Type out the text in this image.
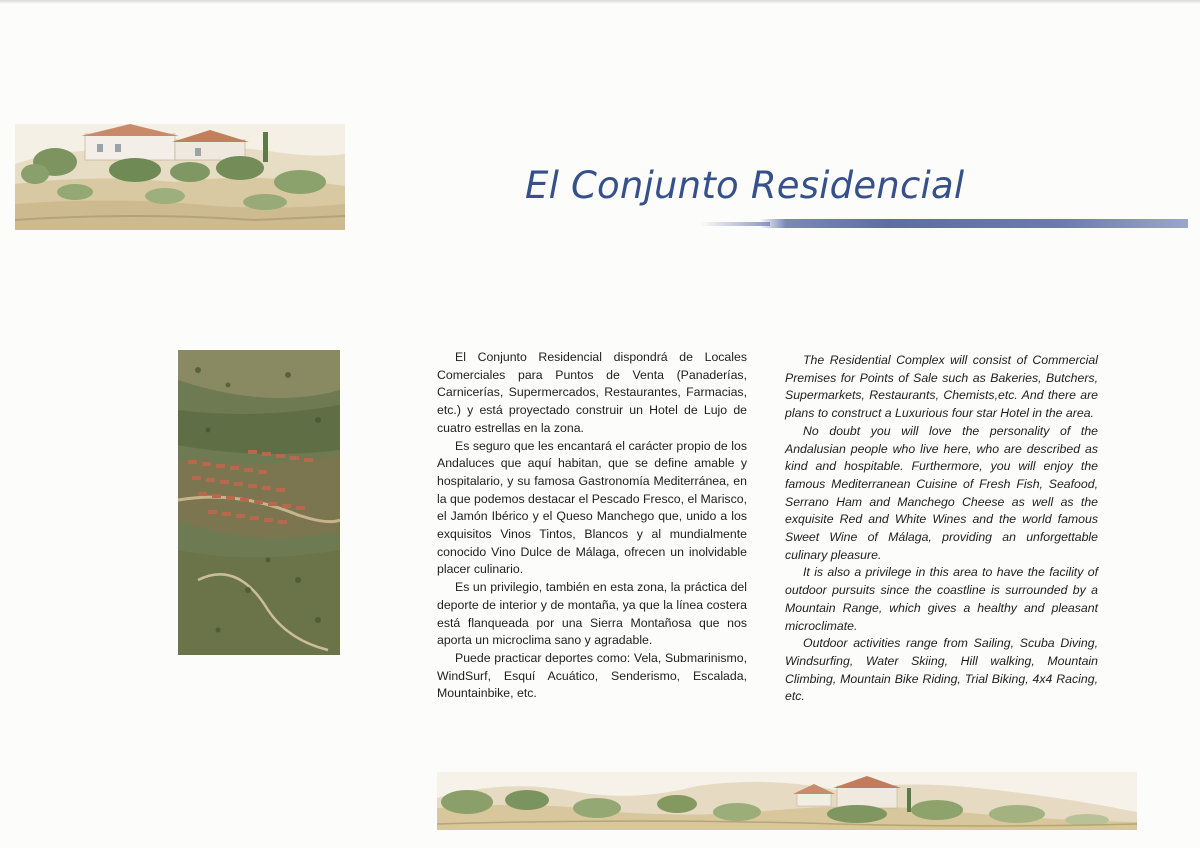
El Conjunto Residencial

El Conjunto Residencial dispondrá de Locales Comerciales para Puntos de Venta (Panaderías, Carnicerías, Supermercados, Restaurantes, Farmacias, etc.) y está proyectado construir un Hotel de Lujo de cuatro estrellas en la zona.

Es seguro que les encantará el carácter propio de los Andaluces que aquí habitan, que se define amable y hospitalario, y su famosa Gastronomía Mediterránea, en la que podemos destacar el Pescado Fresco, el Marisco, el Jamón Ibérico y el Queso Manchego que, unido a los exquisitos Vinos Tintos, Blancos y al mundialmente conocido Vino Dulce de Málaga, ofrecen un inolvidable placer culinario.

Es un privilegio, también en esta zona, la práctica del deporte de interior y de montaña, ya que la línea costera está flanqueada por una Sierra Montañosa que nos aporta un microclima sano y agradable.

Puede practicar deportes como: Vela, Submarinismo, WindSurf, Esquí Acuático, Senderismo, Escalada, Mountainbike, etc.

The Residential Complex will consist of Commercial Premises for Points of Sale such as Bakeries, Butchers, Supermarkets, Restaurants, Chemists,etc. And there are plans to construct a Luxurious four star Hotel in the area.

No doubt you will love the personality of the Andalusian people who live here, who are described as kind and hospitable. Furthermore, you will enjoy the famous Mediterranean Cuisine of Fresh Fish, Seafood, Serrano Ham and Manchego Cheese as well as the exquisite Red and White Wines and the world famous Sweet Wine of Málaga, providing an unforgettable culinary pleasure.

It is also a privilege in this area to have the facility of outdoor pursuits since the coastline is surrounded by a Mountain Range, which gives a healthy and pleasant microclimate.

Outdoor activities range from Sailing, Scuba Diving, Windsurfing, Water Skiing, Hill walking, Mountain Climbing, Mountain Bike Riding, Trial Biking, 4x4 Racing, etc.
